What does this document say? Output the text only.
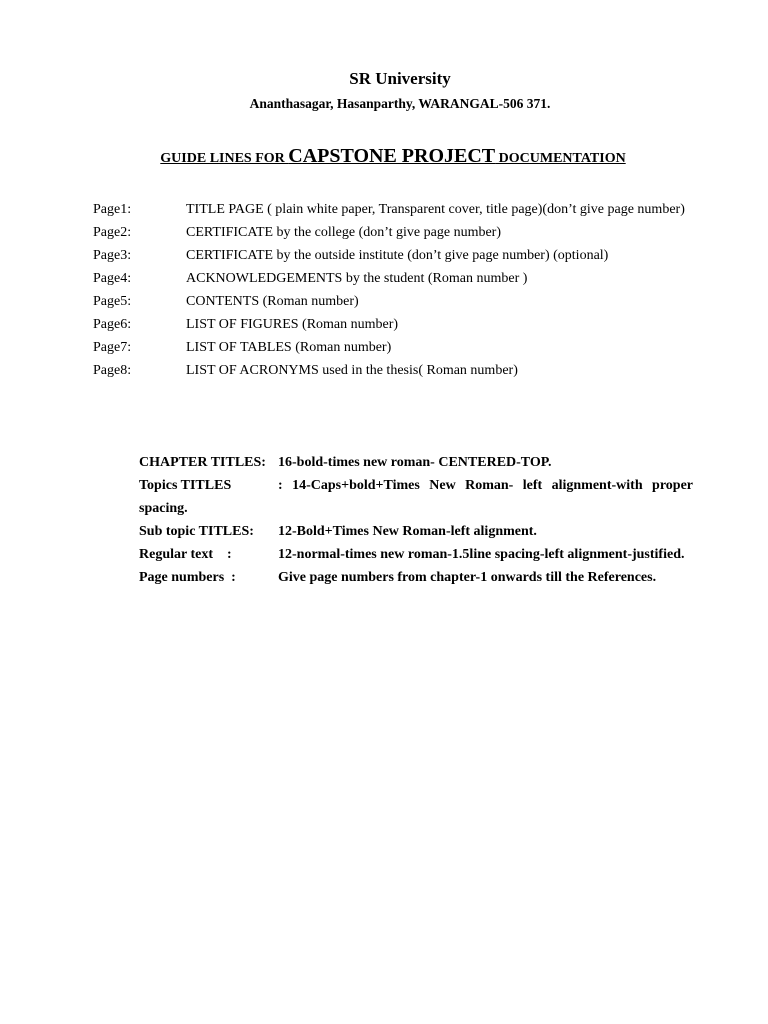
SR University
Ananthasagar, Hasanparthy, WARANGAL-506 371.
GUIDE LINES FOR CAPSTONE PROJECT DOCUMENTATION
Page1:	TITLE PAGE ( plain white paper, Transparent cover, title page)(don’t give page number)
Page2:	CERTIFICATE by the college (don’t give page number)
Page3:	CERTIFICATE by the outside institute (don’t give page number) (optional)
Page4:	ACKNOWLEDGEMENTS by the student (Roman number )
Page5:	CONTENTS (Roman number)
Page6:	LIST OF FIGURES (Roman number)
Page7:	LIST OF TABLES (Roman number)
Page8:	LIST OF ACRONYMS used in the thesis( Roman number)
CHAPTER TITLES: 16-bold-times new roman- CENTERED-TOP.
Topics TITLES	: 14-Caps+bold+Times New Roman- left alignment-with proper spacing.
Sub topic TITLES: 12-Bold+Times New Roman-left alignment.
Regular text    :	12-normal-times new roman-1.5line spacing-left alignment-justified.
Page numbers  :	Give page numbers from chapter-1 onwards till the References.
